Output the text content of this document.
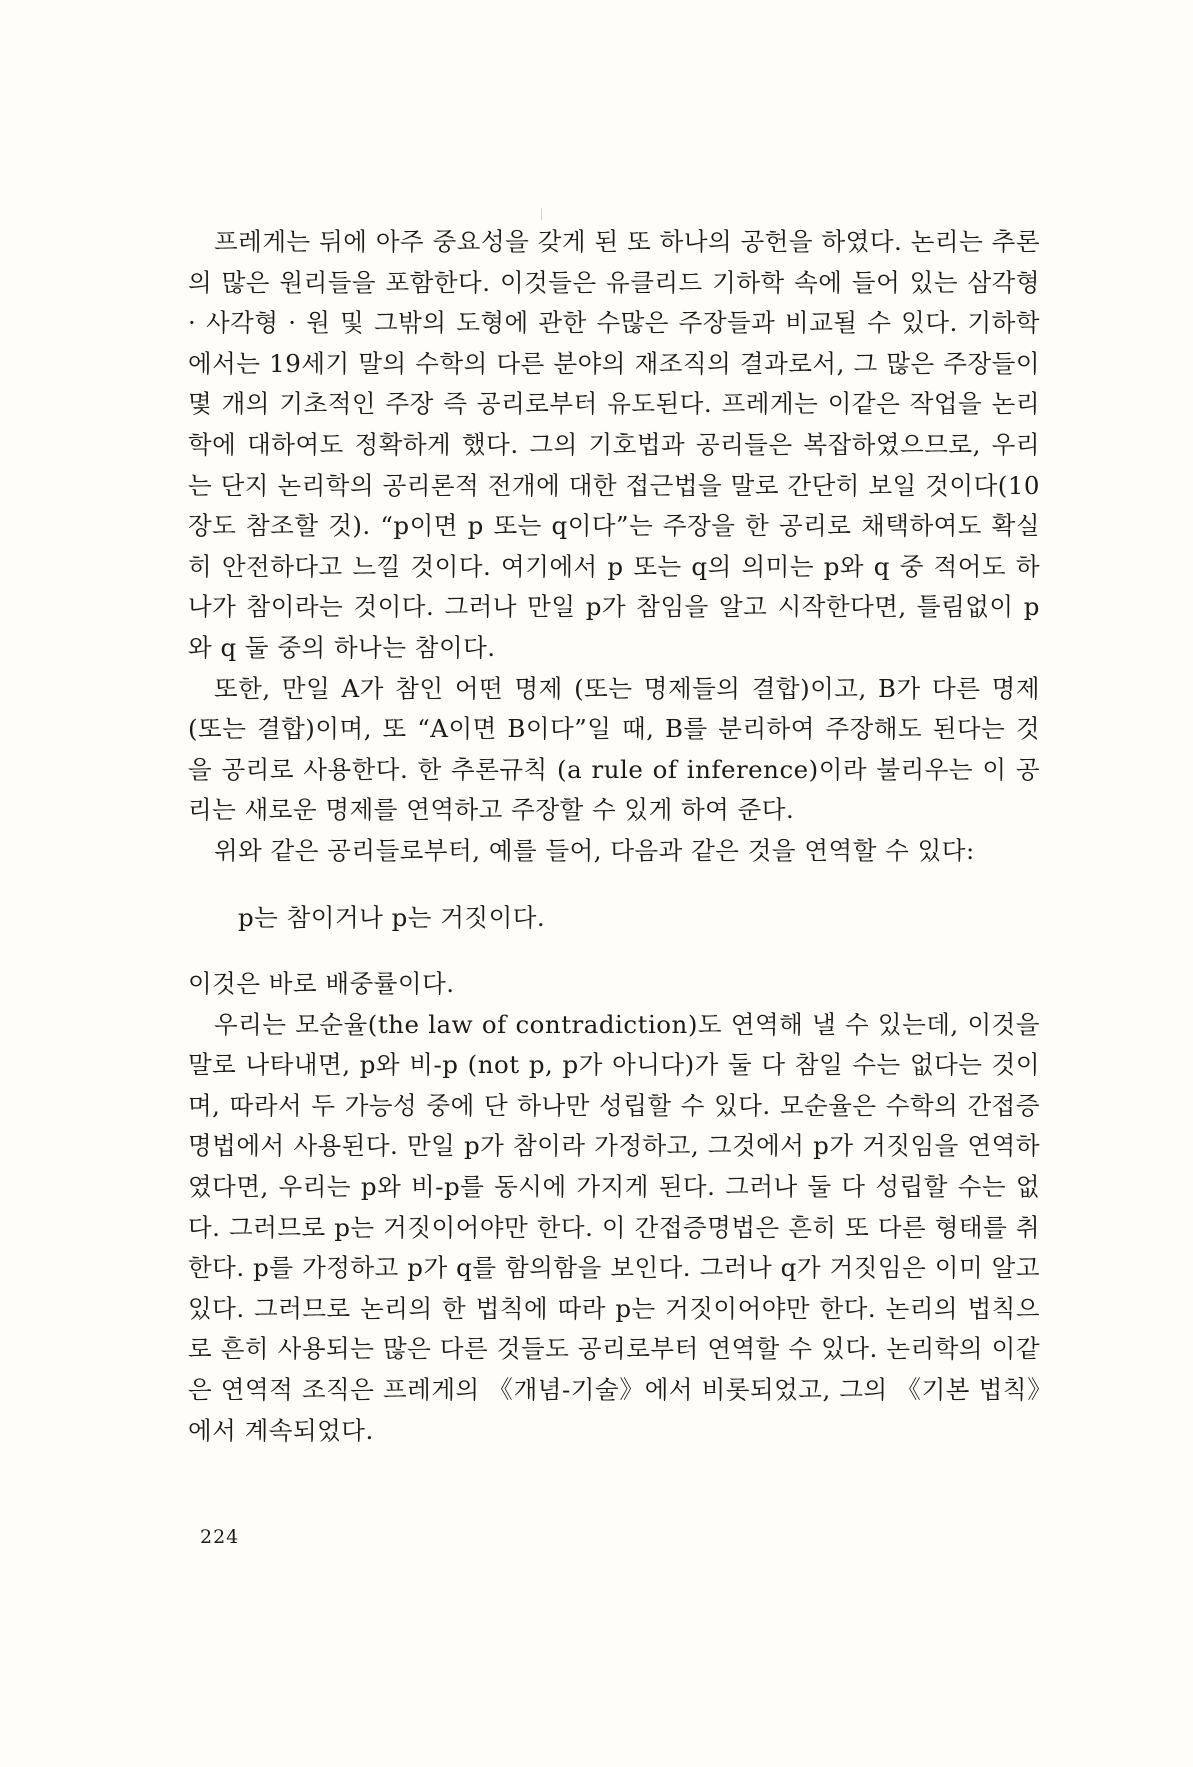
프레게는 뒤에 아주 중요성을 갖게 된 또 하나의 공헌을 하였다. 논리는 추론의 많은 원리들을 포함한다. 이것들은 유클리드 기하학 속에 들어 있는 삼각형 · 사각형 · 원 및 그밖의 도형에 관한 수많은 주장들과 비교될 수 있다. 기하학에서는 19세기 말의 수학의 다른 분야의 재조직의 결과로서, 그 많은 주장들이 몇 개의 기초적인 주장 즉 공리로부터 유도된다. 프레게는 이같은 작업을 논리학에 대하여도 정확하게 했다. 그의 기호법과 공리들은 복잡하였으므로, 우리는 단지 논리학의 공리론적 전개에 대한 접근법을 말로 간단히 보일 것이다(10장도 참조할 것). “p이면 p 또는 q이다”는 주장을 한 공리로 채택하여도 확실히 안전하다고 느낄 것이다. 여기에서 p 또는 q의 의미는 p와 q 중 적어도 하나가 참이라는 것이다. 그러나 만일 p가 참임을 알고 시작한다면, 틀림없이 p와 q 둘 중의 하나는 참이다.

또한, 만일 A가 참인 어떤 명제 (또는 명제들의 결합)이고, B가 다른 명제(또는 결합)이며, 또 “A이면 B이다”일 때, B를 분리하여 주장해도 된다는 것을 공리로 사용한다. 한 추론규칙 (a rule of inference)이라 불리우는 이 공리는 새로운 명제를 연역하고 주장할 수 있게 하여 준다.

위와 같은 공리들로부터, 예를 들어, 다음과 같은 것을 연역할 수 있다:

p는 참이거나 p는 거짓이다.

이것은 바로 배중률이다.

우리는 모순율(the law of contradiction)도 연역해 낼 수 있는데, 이것을 말로 나타내면, p와 비-p (not p, p가 아니다)가 둘 다 참일 수는 없다는 것이며, 따라서 두 가능성 중에 단 하나만 성립할 수 있다. 모순율은 수학의 간접증명법에서 사용된다. 만일 p가 참이라 가정하고, 그것에서 p가 거짓임을 연역하였다면, 우리는 p와 비-p를 동시에 가지게 된다. 그러나 둘 다 성립할 수는 없다. 그러므로 p는 거짓이어야만 한다. 이 간접증명법은 흔히 또 다른 형태를 취한다. p를 가정하고 p가 q를 함의함을 보인다. 그러나 q가 거짓임은 이미 알고 있다. 그러므로 논리의 한 법칙에 따라 p는 거짓이어야만 한다. 논리의 법칙으로 흔히 사용되는 많은 다른 것들도 공리로부터 연역할 수 있다. 논리학의 이같은 연역적 조직은 프레게의 《개념-기술》에서 비롯되었고, 그의 《기본 법칙》에서 계속되었다.

224
